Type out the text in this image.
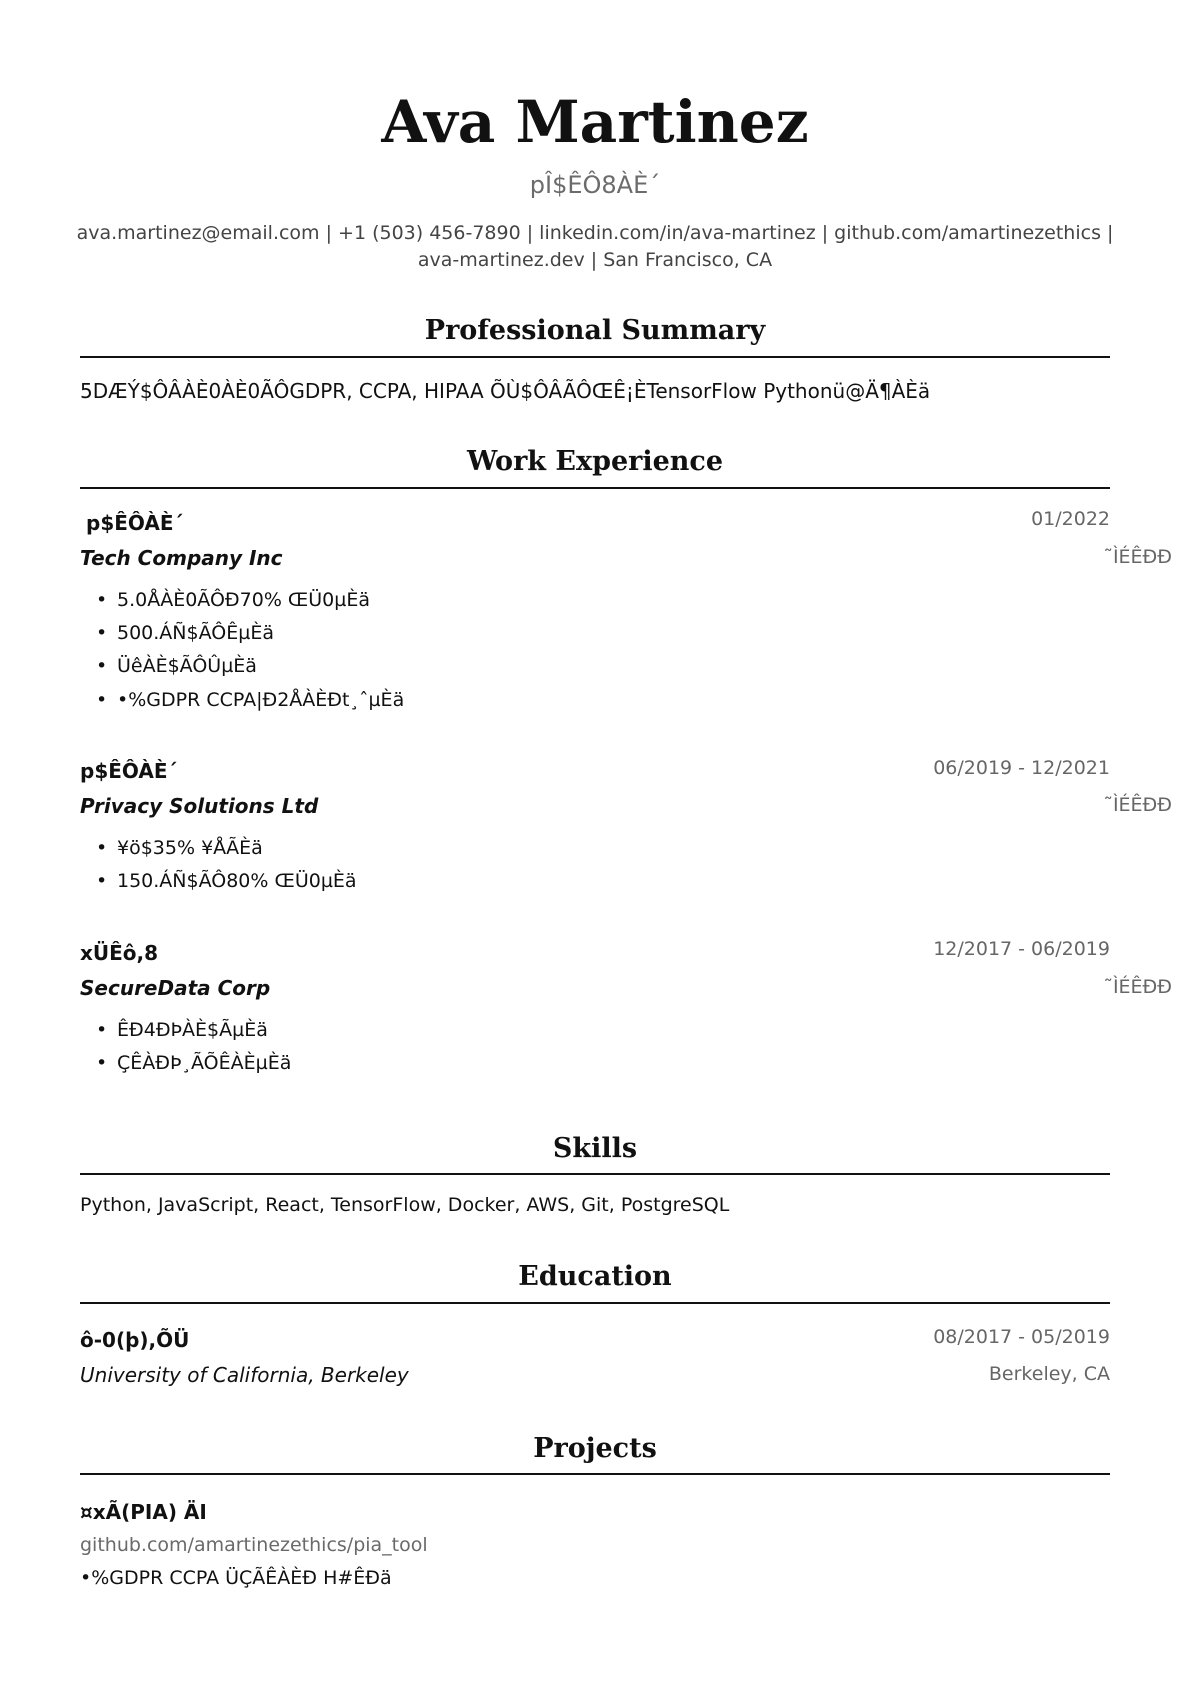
Ava Martinez
pÎ$ÊÔ8ÀÈ´
ava.martinez@email.com | +1 (503) 456-7890 | linkedin.com/in/ava-martinez | github.com/amartinezethics |
ava-martinez.dev | San Francisco, CA
Professional Summary
5DÆÝ$ÔÂÀÈ0ÀÈ0ÃÔGDPR, CCPA, HIPAA ÕÙ$ÔÂÃÔŒÊ¡ÈTensorFlow Pythonü@Ä¶ÀÈä
Work Experience
p$ÊÔÀÈ´	01/2022
Tech Company Inc	˜ÌÉÊÐÐ
• 5.0ÅÀÈ0ÃÔÐ70% ŒÜ0µÈä
• 500.ÁÑ$ÃÔÊµÈä
• ÜêÀÈ$ÃÔÛµÈä
• •%GDPR CCPA|Ð2ÅÀÈÐt¸ˆµÈä
p$ÊÔÀÈ´	06/2019 - 12/2021
Privacy Solutions Ltd	˜ÌÉÊÐÐ
• ¥ö$35% ¥ÅÃÈä
• 150.ÁÑ$ÃÔ80% ŒÜ0µÈä
xÜÊô,8	12/2017 - 06/2019
SecureData Corp	˜ÌÉÊÐÐ
• ÊÐ4ÐÞÀÈ$ÃµÈä
• ÇÊÀÐÞ¸ÃÕÊÀÈµÈä
Skills
Python, JavaScript, React, TensorFlow, Docker, AWS, Git, PostgreSQL
Education
ô-0(þ),ÕÜ	08/2017 - 05/2019
University of California, Berkeley	Berkeley, CA
Projects
¤xÃ(PIA) ÄI
github.com/amartinezethics/pia_tool
•%GDPR CCPA ÜÇÃÊÀÈÐ H#ÊÐä
